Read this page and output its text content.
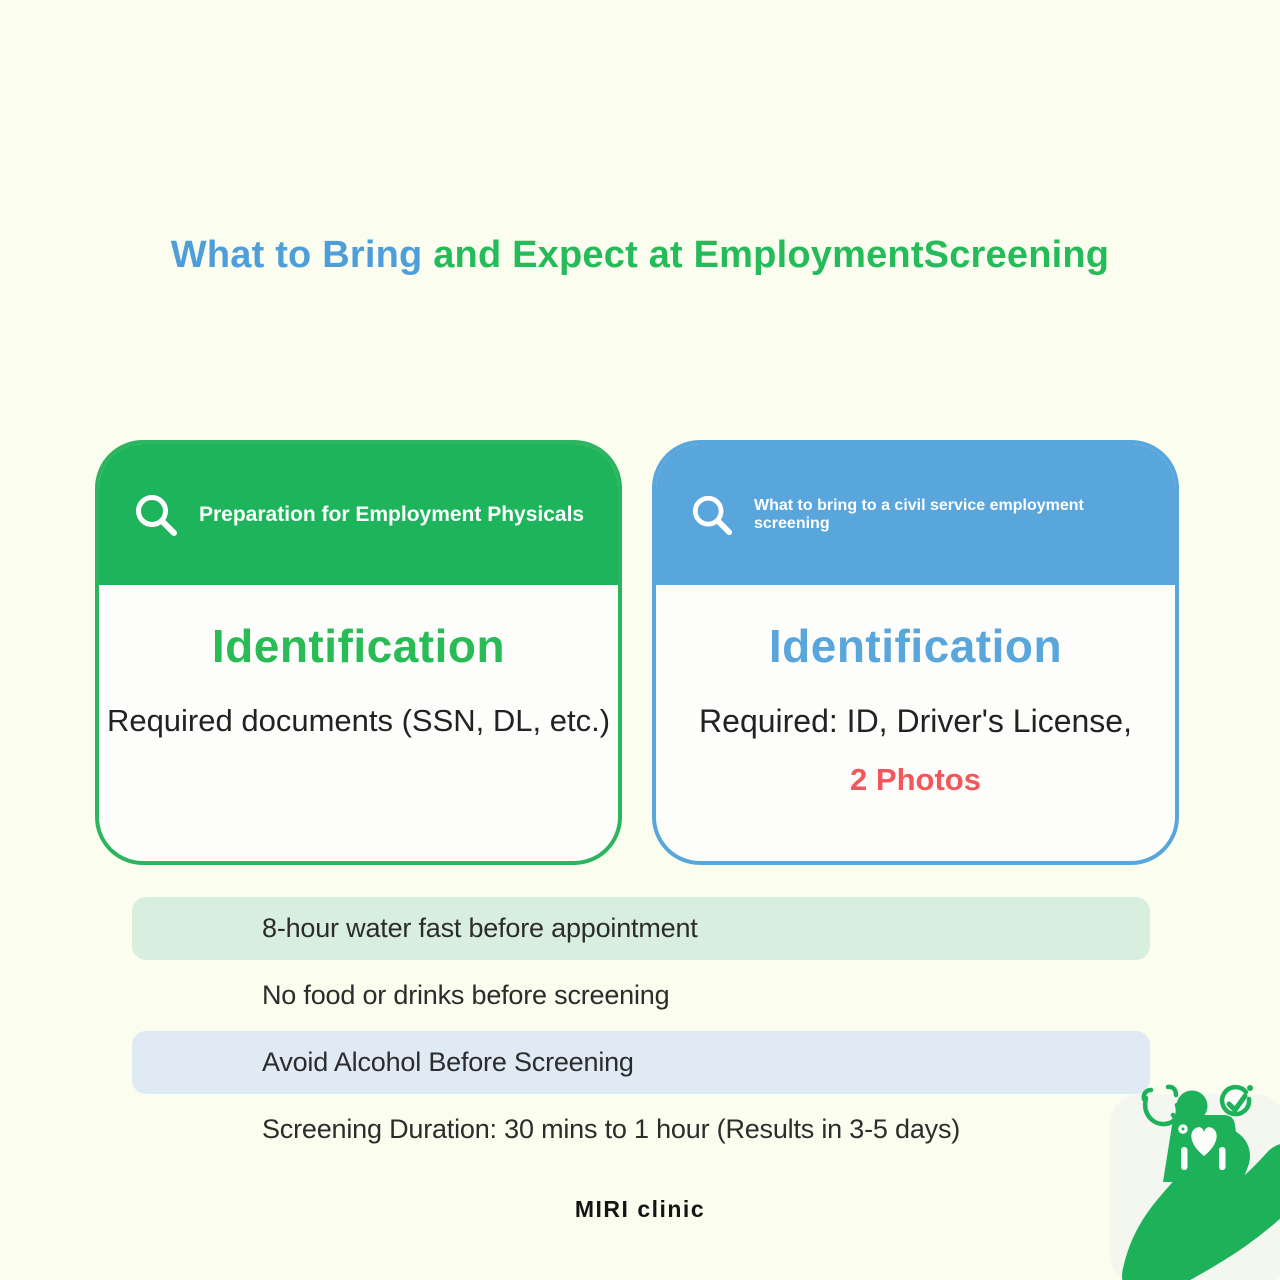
What to Bring and Expect at EmploymentScreening
Preparation for Employment Physicals
Identification
Required documents (SSN, DL, etc.)
What to bring to a civil service employment screening
Identification
Required: ID, Driver's License,
2 Photos
8-hour water fast before appointment
No food or drinks before screening
Avoid Alcohol Before Screening
Screening Duration: 30 mins to 1 hour (Results in 3-5 days)
MIRI clinic
